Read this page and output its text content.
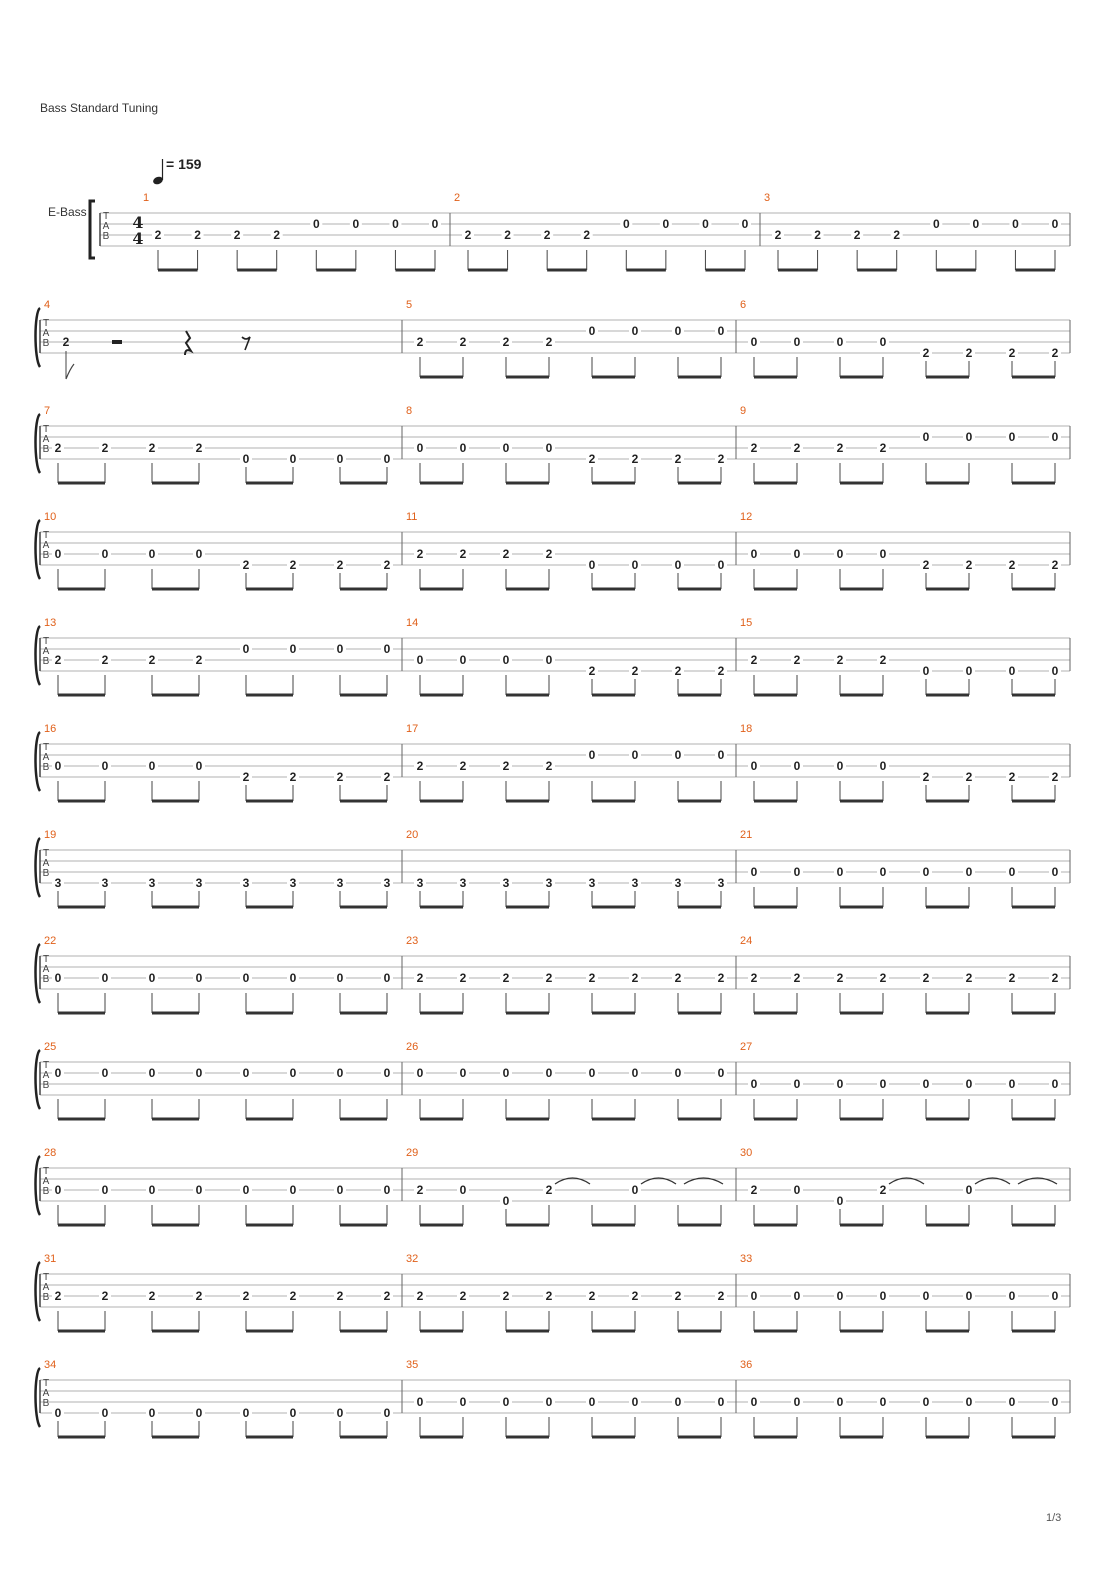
Bass Standard Tuning
= 159
E-Bass T
A
B
4
4
1
2	2	2	2
0	0	0	0
2
2	2	2	2
0	0	0	0
3
2	2	2	2
0	0	0	0
T
A
B
4
2
5
2	2	2	2
0	0	0	0
6
0	0	0	0
2	2	2	2
T
A
B
7
2	2	2	2
0	0	0	0
8
0	0	0	0
2	2	2	2
9
2	2	2	2
0	0	0	0
T
A
B
10
0	0	0	0
2	2	2	2
11
2	2	2	2
0	0	0	0
12
0	0	0	0
2	2	2	2
T
A
B
13
2	2	2	2
0	0	0	0
14
0	0	0	0
2	2	2	2
15
2	2	2	2
0	0	0	0
T
A
B
16
0	0	0	0
2	2	2	2
17
2	2	2	2
0	0	0	0
18
0	0	0	0
2	2	2	2
T
A
B
19
3	3	3	3	3	3	3	3
20
3	3	3	3	3	3	3	3
21
0	0	0	0	0	0	0	0
T
A
B
22
0	0	0	0	0	0	0	0
23
2	2	2	2	2	2	2	2
24
2	2	2	2	2	2	2	2
T
A
B
25
0	0	0	0	0	0	0	0
26
0	0	0	0	0	0	0	0
27
0	0	0	0	0	0	0	0
T
A
B
28
0	0	0	0	0	0	0	0
29
2	0
0
2	0
30
2	0
0
2	0
T
A
B
31
2	2	2	2	2	2	2	2
32
2	2	2	2	2	2	2	2
33
0	0	0	0	0	0	0	0
T
A
B
34
0	0	0	0	0	0	0	0
35
0	0	0	0	0	0	0	0
36
0	0	0	0	0	0	0	0
1/3
